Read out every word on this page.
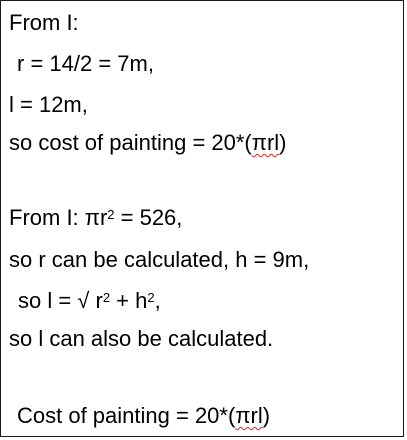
From I:
r = 14/2 = 7m,
l = 12m,
so cost of painting = 20*(πrl)
From I: $\pi r^2 = 526$,
so r can be calculated, h = 9m,
so l = √ $r^2 + h^2$,
so l can also be calculated.
Cost of painting = 20*(πrl)
